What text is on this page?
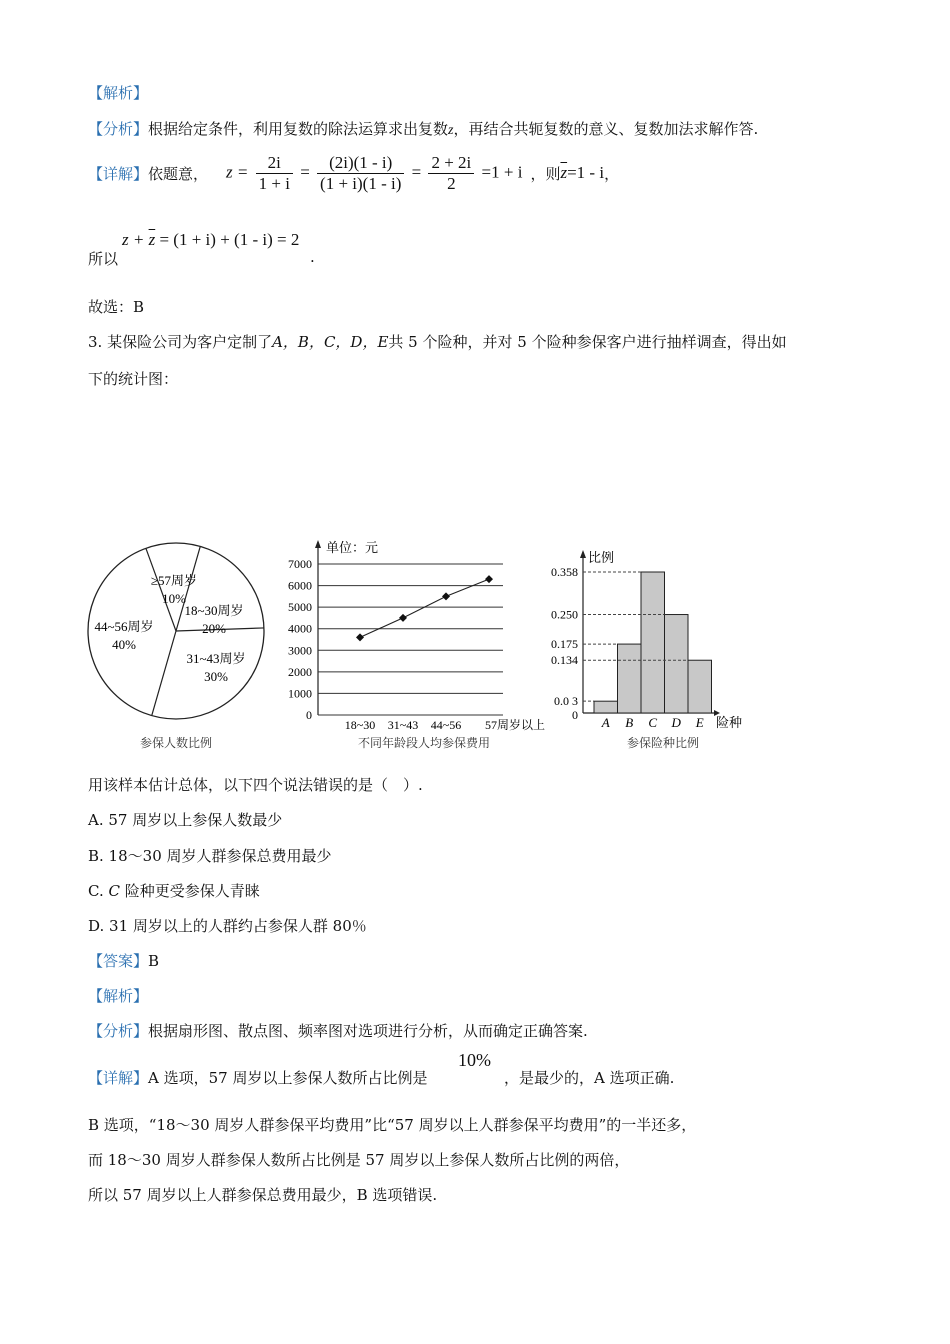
【解析】
【分析】根据给定条件，利用复数的除法运算求出复数z，再结合共轭复数的意义、复数加法求解作答.
【详解】 依题意， $z = \frac{2i}{1 + i} = \frac{(2i)(1 - i)}{(1 + i)(1 - i)} = \frac{2 + 2i}{2} =1 + i$ ，则 $\overline{z} =1 - i$ ，
所以
$z + \overline{z} = (1 + i) + (1 - i) = 2$
.
故选：B
3. 某保险公司为客户定制了A，B，C，D，E共 5 个险种，并对 5 个险种参保客户进行抽样调查，得出如
下的统计图：
≥57周岁
10%
18~30周岁
20%
31~43周岁
30%
44~56周岁
40%
参保人数比例
单位：元
0
1000
2000
3000
4000
5000
6000
7000
18~30 31~43 44~56 57周岁以上
不同年龄段人均参保费用
比例
险种
0
0.0 3
0.134
0.175
0.250
0.358
A B C D E
参保险种比例
用该样本估计总体，以下四个说法错误的是（　）.
A. 57 周岁以上参保人数最少
B. 18～30 周岁人群参保总费用最少
C. C 险种更受参保人青睐
D. 31 周岁以上的人群约占参保人群 80％
【答案】B
【解析】
【分析】根据扇形图、散点图、频率图对选项进行分析，从而确定正确答案.
【详解】A 选项，57 周岁以上参保人数所占比例是
10%
，是最少的，A 选项正确.
B 选项，“18～30 周岁人群参保平均费用”比“57 周岁以上人群参保平均费用”的一半还多，
而 18～30 周岁人群参保人数所占比例是 57 周岁以上参保人数所占比例的两倍，
所以 57 周岁以上人群参保总费用最少，B 选项错误.
